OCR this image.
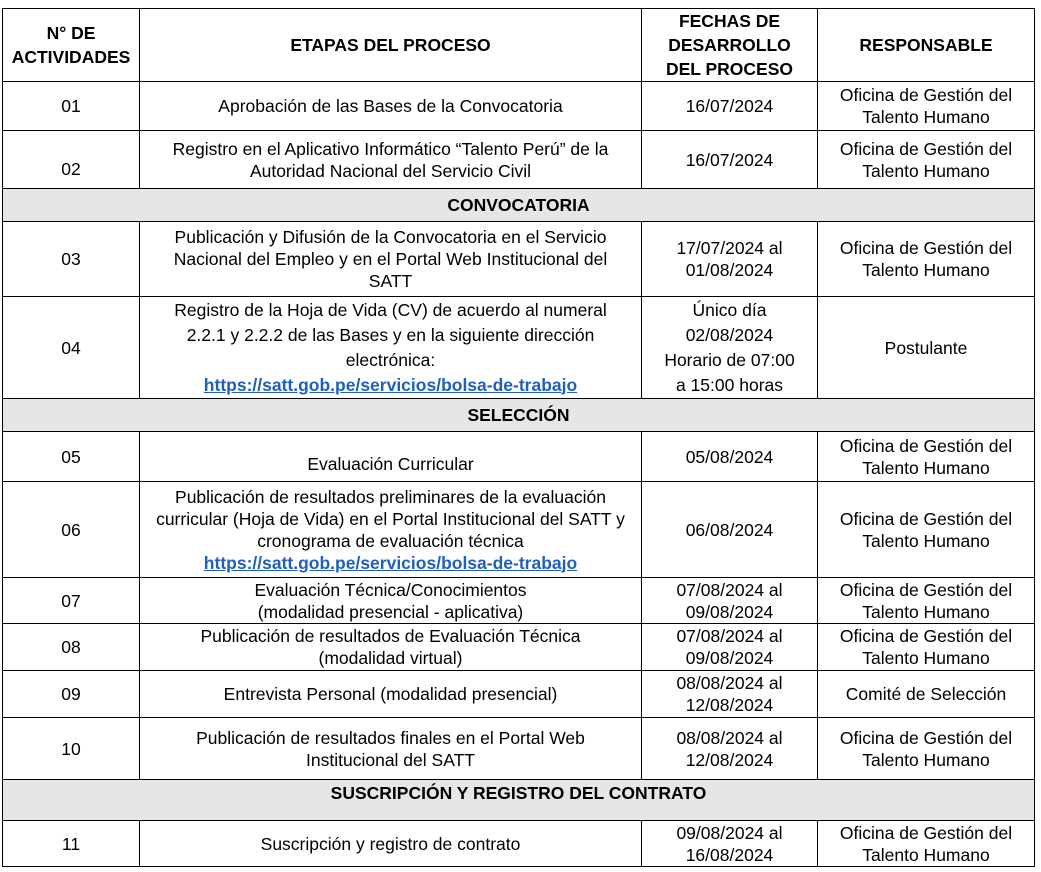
N° DE
ACTIVIDADES	ETAPAS DEL PROCESO	FECHAS DE
DESARROLLO
DEL PROCESO	RESPONSABLE
01	Aprobación de las Bases de la Convocatoria	16/07/2024	Oficina de Gestión del
Talento Humano

02	Registro en el Aplicativo Informático “Talento Perú” de la
Autoridad Nacional del Servicio Civil	16/07/2024	Oficina de Gestión del
Talento Humano

CONVOCATORIA			
03	Publicación y Difusión de la Convocatoria en el Servicio
Nacional del Empleo y en el Portal Web Institucional del
SATT	17/07/2024 al
01/08/2024	Oficina de Gestión del
Talento Humano

04	Registro de la Hoja de Vida (CV) de acuerdo al numeral
2.2.1 y 2.2.2 de las Bases y en la siguiente dirección
electrónica:
https://satt.gob.pe/servicios/bolsa-de-trabajo	Único día
02/08/2024
Horario de 07:00
a 15:00 horas	Postulante
SELECCIÓN			
05	Evaluación Curricular	05/08/2024	Oficina de Gestión del
Talento Humano

06	Publicación de resultados preliminares de la evaluación
curricular (Hoja de Vida) en el Portal Institucional del SATT y
cronograma de evaluación técnica
https://satt.gob.pe/servicios/bolsa-de-trabajo	06/08/2024	Oficina de Gestión del
Talento Humano

07	Evaluación Técnica/Conocimientos
(modalidad presencial - aplicativa)	07/08/2024 al
09/08/2024	Oficina de Gestión del
Talento Humano

08	Publicación de resultados de Evaluación Técnica
(modalidad virtual)	07/08/2024 al
09/08/2024	Oficina de Gestión del
Talento Humano

09	Entrevista Personal (modalidad presencial)	08/08/2024 al
12/08/2024	Comité de Selección
10	Publicación de resultados finales en el Portal Web
Institucional del SATT	08/08/2024 al
12/08/2024	Oficina de Gestión del
Talento Humano

SUSCRIPCIÓN Y REGISTRO DEL CONTRATO			
11	Suscripción y registro de contrato	09/08/2024 al
16/08/2024	Oficina de Gestión del
Talento Humano
